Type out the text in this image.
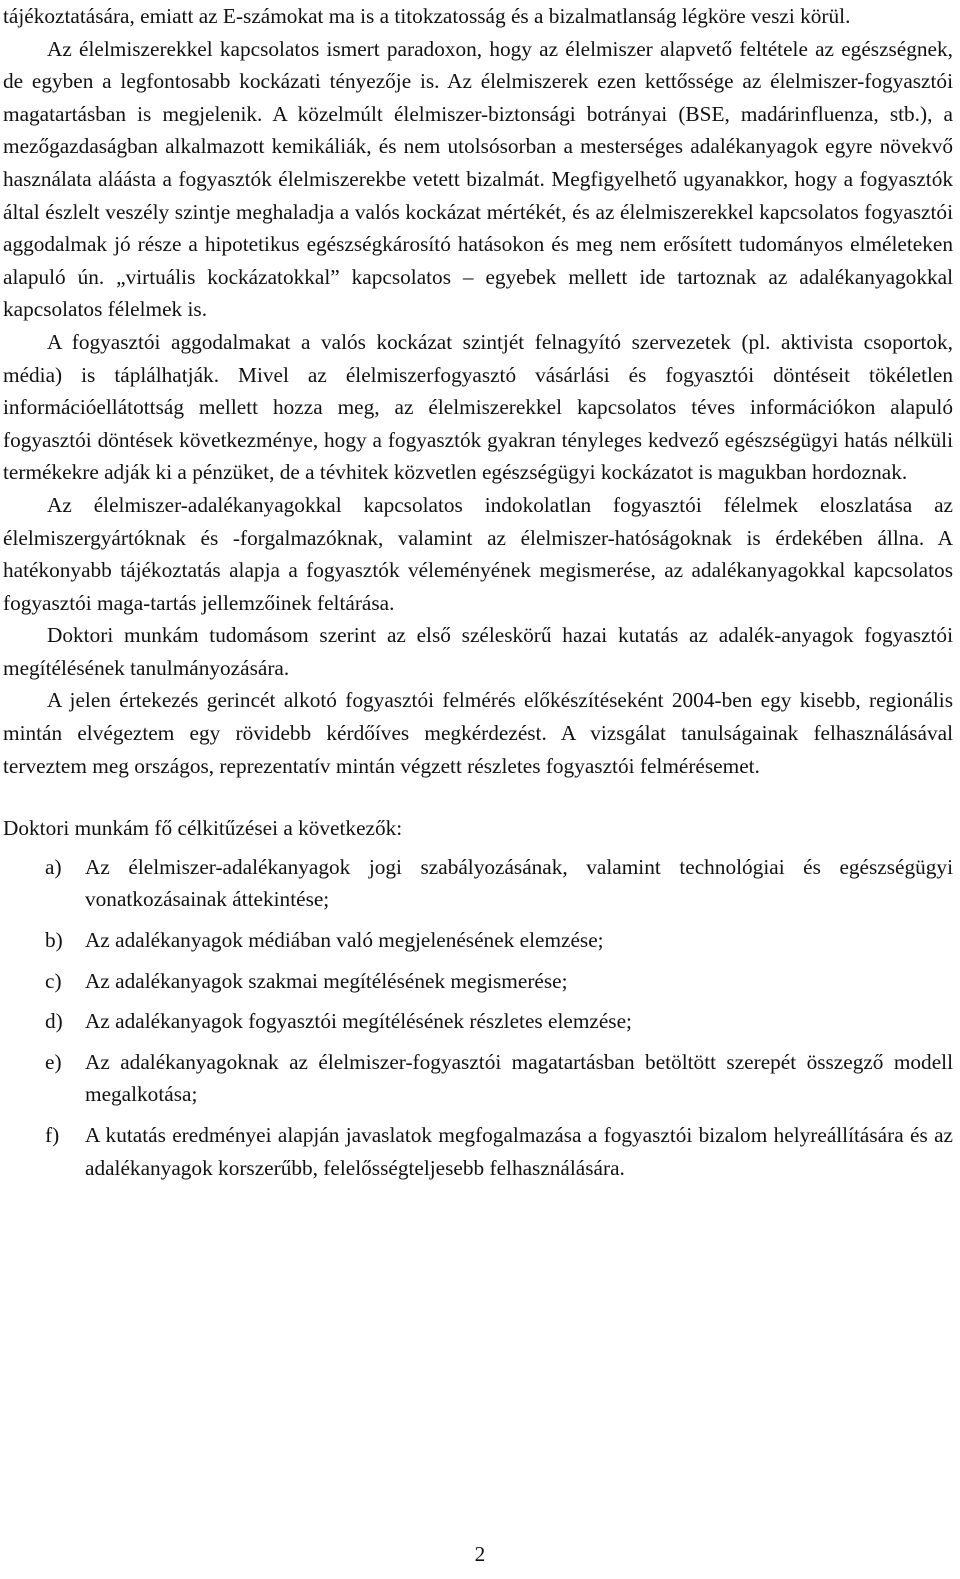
tájékoztatására, emiatt az E-számokat ma is a titokzatosság és a bizalmatlanság légköre veszi körül.

Az élelmiszerekkel kapcsolatos ismert paradoxon, hogy az élelmiszer alapvető feltétele az egészségnek, de egyben a legfontosabb kockázati tényezője is. Az élelmiszerek ezen kettőssége az élelmiszer-fogyasztói magatartásban is megjelenik. A közelmúlt élelmiszer-biztonsági botrányai (BSE, madárinfluenza, stb.), a mezőgazdaságban alkalmazott kemikáliák, és nem utolsósorban a mesterséges adalékanyagok egyre növekvő használata aláásta a fogyasztók élelmiszerekbe vetett bizalmát. Megfigyelhető ugyanakkor, hogy a fogyasztók által észlelt veszély szintje meghaladja a valós kockázat mértékét, és az élelmiszerekkel kapcsolatos fogyasztói aggodalmak jó része a hipotetikus egészségkárosító hatásokon és meg nem erősített tudományos elméleteken alapuló ún. „virtuális kockázatokkal” kapcsolatos – egyebek mellett ide tartoznak az adalékanyagokkal kapcsolatos félelmek is.

A fogyasztói aggodalmakat a valós kockázat szintjét felnagyító szervezetek (pl. aktivista csoportok, média) is táplálhatják. Mivel az élelmiszerfogyasztó vásárlási és fogyasztói döntéseit tökéletlen információellátottság mellett hozza meg, az élelmiszerekkel kapcsolatos téves információkon alapuló fogyasztói döntések következménye, hogy a fogyasztók gyakran tényleges kedvező egészségügyi hatás nélküli termékekre adják ki a pénzüket, de a tévhitek közvetlen egészségügyi kockázatot is magukban hordoznak.

Az élelmiszer-adalékanyagokkal kapcsolatos indokolatlan fogyasztói félelmek eloszlatása az élelmiszergyártóknak és -forgalmazóknak, valamint az élelmiszer-hatóságoknak is érdekében állna. A hatékonyabb tájékoztatás alapja a fogyasztók véleményének megismerése, az adalékanyagokkal kapcsolatos fogyasztói maga-tartás jellemzőinek feltárása.

Doktori munkám tudomásom szerint az első széleskörű hazai kutatás az adalék-anyagok fogyasztói megítélésének tanulmányozására.

A jelen értekezés gerincét alkotó fogyasztói felmérés előkészítéseként 2004-ben egy kisebb, regionális mintán elvégeztem egy rövidebb kérdőíves megkérdezést. A vizsgálat tanulságainak felhasználásával terveztem meg országos, reprezentatív mintán végzett részletes fogyasztói felmérésemet.

Doktori munkám fő célkitűzései a következők:
a)	Az élelmiszer-adalékanyagok jogi szabályozásának, valamint technológiai és egészségügyi vonatkozásainak áttekintése;
b)	Az adalékanyagok médiában való megjelenésének elemzése;
c)	Az adalékanyagok szakmai megítélésének megismerése;
d)	Az adalékanyagok fogyasztói megítélésének részletes elemzése;
e)	Az adalékanyagoknak az élelmiszer-fogyasztói magatartásban betöltött szerepét összegző modell megalkotása;
f)	A kutatás eredményei alapján javaslatok megfogalmazása a fogyasztói bizalom helyreállítására és az adalékanyagok korszerűbb, felelősségteljesebb felhasználására.
2
